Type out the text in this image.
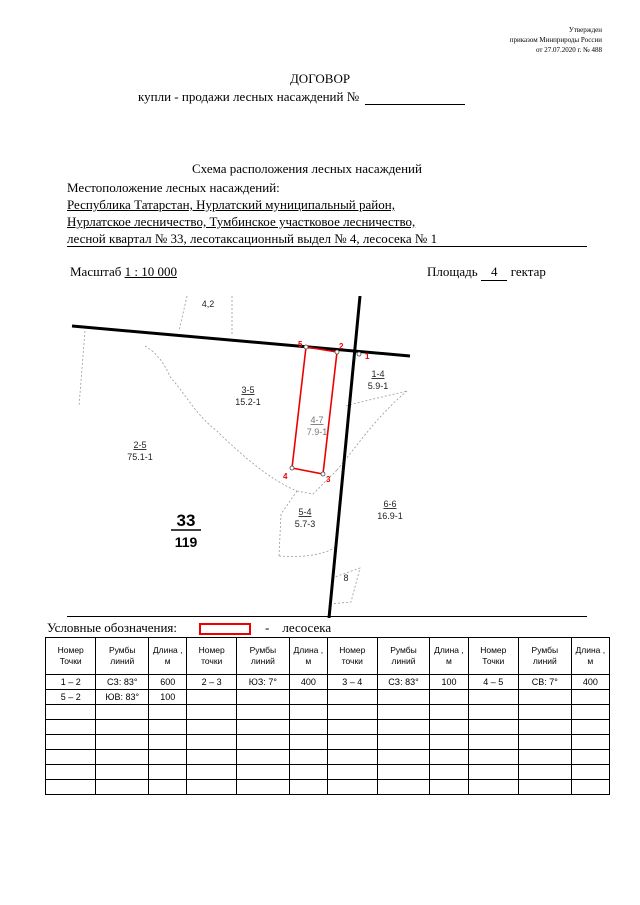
Утвержден
приказом Минприроды России
от 27.07.2020 г. № 488
ДОГОВОР
купли - продажи лесных насаждений №
Схема расположения лесных насаждений
Местоположение лесных насаждений:
Республика Татарстан, Нурлатский муниципальный район,
Нурлатское лесничество, Тумбинское участковое лесничество,
лесной квартал № 33, лесотаксационный выдел № 4, лесосека № 1
Масштаб 1 : 10 000	Площадь 4 гектар
1
2
3
4
5
4,2
3-5
15.2-1
2-5
75.1-1
1-4
5.9-1
4-7
7.9-1
5-4
5.7-3
6-6
16.9-1
8
33
119
Условные обозначения:	- лесосека
Номер Точки	Румбы линий	Длина , м	Номер точки	Румбы линий	Длина , м	Номер точки	Румбы линий	Длина , м	Номер Точки	Румбы линий	Длина , м
1 – 2	СЗ: 83°	600	2 – 3	ЮЗ: 7°	400	3 – 4	СЗ: 83°	100	4 – 5	СВ: 7°	400
5 – 2	ЮВ: 83°	100									
